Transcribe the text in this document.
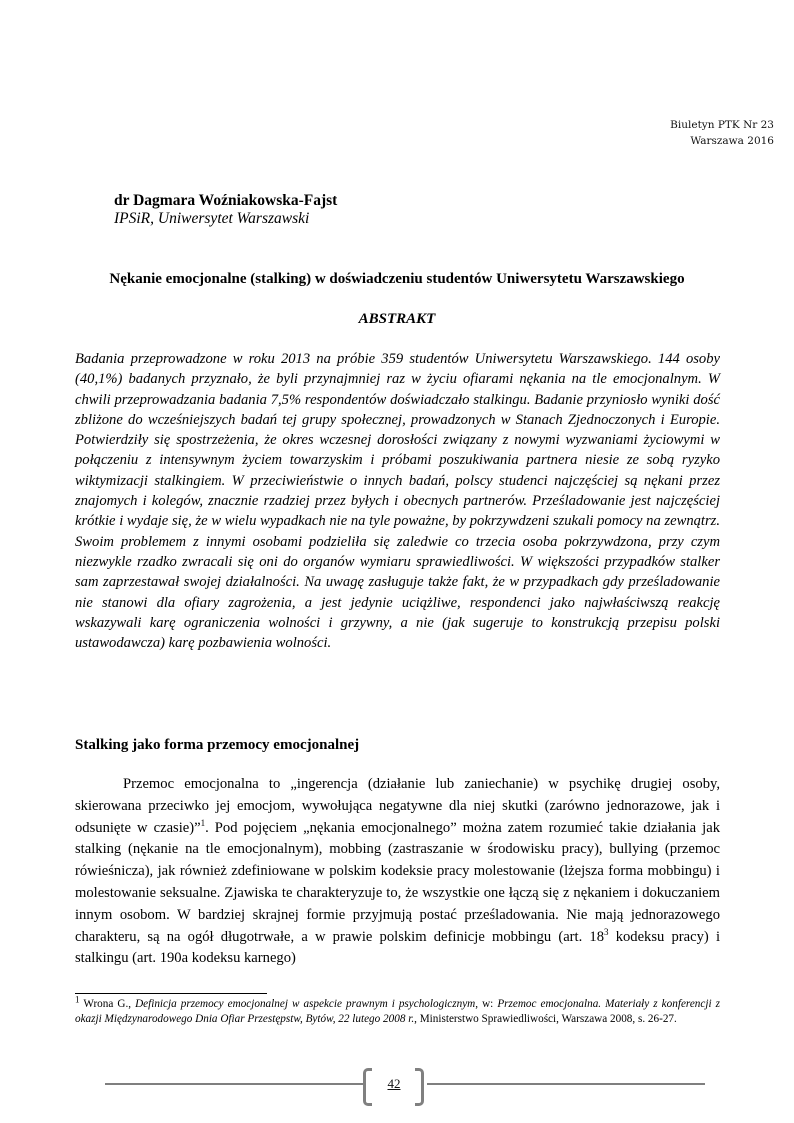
Biuletyn PTK Nr 23
Warszawa 2016
dr Dagmara Woźniakowska-Fajst
IPSiR, Uniwersytet Warszawski
Nękanie emocjonalne (stalking) w doświadczeniu studentów Uniwersytetu Warszawskiego
ABSTRAKT
Badania przeprowadzone w roku 2013 na próbie 359 studentów Uniwersytetu Warszawskiego. 144 osoby (40,1%) badanych przyznało, że byli przynajmniej raz w życiu ofiarami nękania na tle emocjonalnym. W chwili przeprowadzania badania 7,5% respondentów doświadczało stalkingu. Badanie przyniosło wyniki dość zbliżone do wcześniejszych badań tej grupy społecznej, prowadzonych w Stanach Zjednoczonych i Europie. Potwierdziły się spostrzeżenia, że okres wczesnej dorosłości związany z nowymi wyzwaniami życiowymi w połączeniu z intensywnym życiem towarzyskim i próbami poszukiwania partnera niesie ze sobą ryzyko wiktymizacji stalkingiem. W przeciwieństwie o innych badań, polscy studenci najczęściej są nękani przez znajomych i kolegów, znacznie rzadziej przez byłych i obecnych partnerów. Prześladowanie jest najczęściej krótkie i wydaje się, że w wielu wypadkach nie na tyle poważne, by pokrzywdzeni szukali pomocy na zewnątrz. Swoim problemem z innymi osobami podzieliła się zaledwie co trzecia osoba pokrzywdzona, przy czym niezwykle rzadko zwracali się oni do organów wymiaru sprawiedliwości. W większości przypadków stalker sam zaprzestawał swojej działalności. Na uwagę zasługuje także fakt, że w przypadkach gdy prześladowanie nie stanowi dla ofiary zagrożenia, a jest jedynie uciążliwe, respondenci jako najwłaściwszą reakcję wskazywali karę ograniczenia wolności i grzywny, a nie (jak sugeruje to konstrukcją przepisu polski ustawodawcza) karę pozbawienia wolności.
Stalking jako forma przemocy emocjonalnej
Przemoc emocjonalna to „ingerencja (działanie lub zaniechanie) w psychikę drugiej osoby, skierowana przeciwko jej emocjom, wywołująca negatywne dla niej skutki (zarówno jednorazowe, jak i odsunięte w czasie)”$^1$. Pod pojęciem „nękania emocjonalnego” można zatem rozumieć takie działania jak stalking (nękanie na tle emocjonalnym), mobbing (zastraszanie w środowisku pracy), bullying (przemoc rówieśnicza), jak również zdefiniowane w polskim kodeksie pracy molestowanie (lżejsza forma mobbingu) i molestowanie seksualne. Zjawiska te charakteryzuje to, że wszystkie one łączą się z nękaniem i dokuczaniem innym osobom. W bardziej skrajnej formie przyjmują postać prześladowania. Nie mają jednorazowego charakteru, są na ogół długotrwałe, a w prawie polskim definicje mobbingu (art. $18^3$ kodeksu pracy) i stalkingu (art. 190a kodeksu karnego)
$^1$ Wrona G., Definicja przemocy emocjonalnej w aspekcie prawnym i psychologicznym, w: Przemoc emocjonalna. Materiały z konferencji z okazji Międzynarodowego Dnia Ofiar Przestępstw, Bytów, 22 lutego 2008 r., Ministerstwo Sprawiedliwości, Warszawa 2008, s. 26-27.
42
